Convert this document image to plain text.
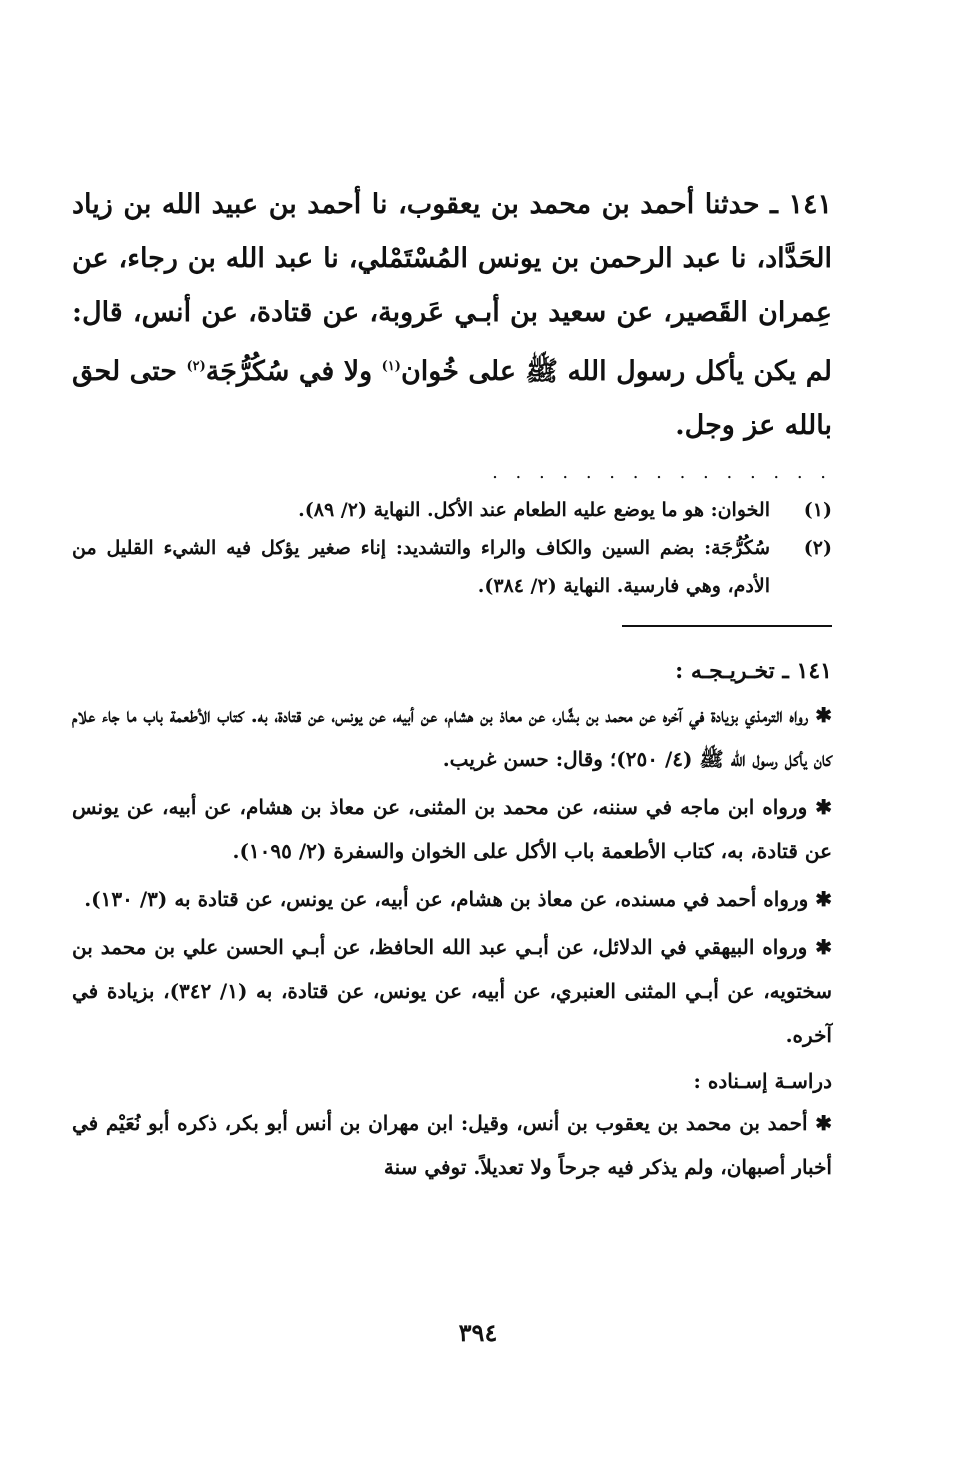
١٤١ ـ حدثنا أحمد بن محمد بن يعقوب، نا أحمد بن عبيد الله بن زياد الحَدَّاد، نا عبد الرحمن بن يونس المُسْتَمْلي، نا عبد الله بن رجاء، عن عِمران القَصير، عن سعيد بن أبـي عَروبة، عن قتادة، عن أنس، قال: لم يكن يأكل رسول الله ﷺ على خُوان$^{(١)}$ ولا في سُكُرُّجَة$^{(٢)}$ حتى لحق بالله عز وجل.

. . . . . . . . . . . . . . .
(١)
الخوان: هو ما يوضع عليه الطعام عند الأكل. النهاية (٢/ ٨٩).
(٢)
سُكُرُّجَة: بضم السين والكاف والراء والتشديد: إناء صغير يؤكل فيه الشيء القليل من الأدم، وهي فارسية. النهاية (٢/ ٣٨٤).
١٤١ ـ تخـريـجـه :

✱ رواه الترمذي بزيادة في آخره عن محمد بن بشَّار، عن معاذ بن هشام، عن أبيه، عن يونس، عن قتادة، به. كتاب الأطعمة باب ما جاء علام كان يأكل رسول الله ﷺ (٤/ ٢٥٠)؛ وقال: حسن غريب.

✱ ورواه ابن ماجه في سننه، عن محمد بن المثنى، عن معاذ بن هشام، عن أبيه، عن يونس عن قتادة، به، كتاب الأطعمة باب الأكل على الخوان والسفرة (٢/ ١٠٩٥).

✱ ورواه أحمد في مسنده، عن معاذ بن هشام، عن أبيه، عن يونس، عن قتادة به (٣/ ١٣٠).

✱ ورواه البيهقي في الدلائل، عن أبـي عبد الله الحافظ، عن أبـي الحسن علي بن محمد بن سختويه، عن أبـي المثنى العنبري، عن أبيه، عن يونس، عن قتادة، به (١/ ٣٤٢)، بزيادة في آخره.

دراسـة إسـناده :

✱ أحمد بن محمد بن يعقوب بن أنس، وقيل: ابن مهران بن أنس أبو بكر، ذكره أبو نُعَيْم في أخبار أصبهان، ولم يذكر فيه جرحاً ولا تعديلاً. توفي سنة

٣٩٤
